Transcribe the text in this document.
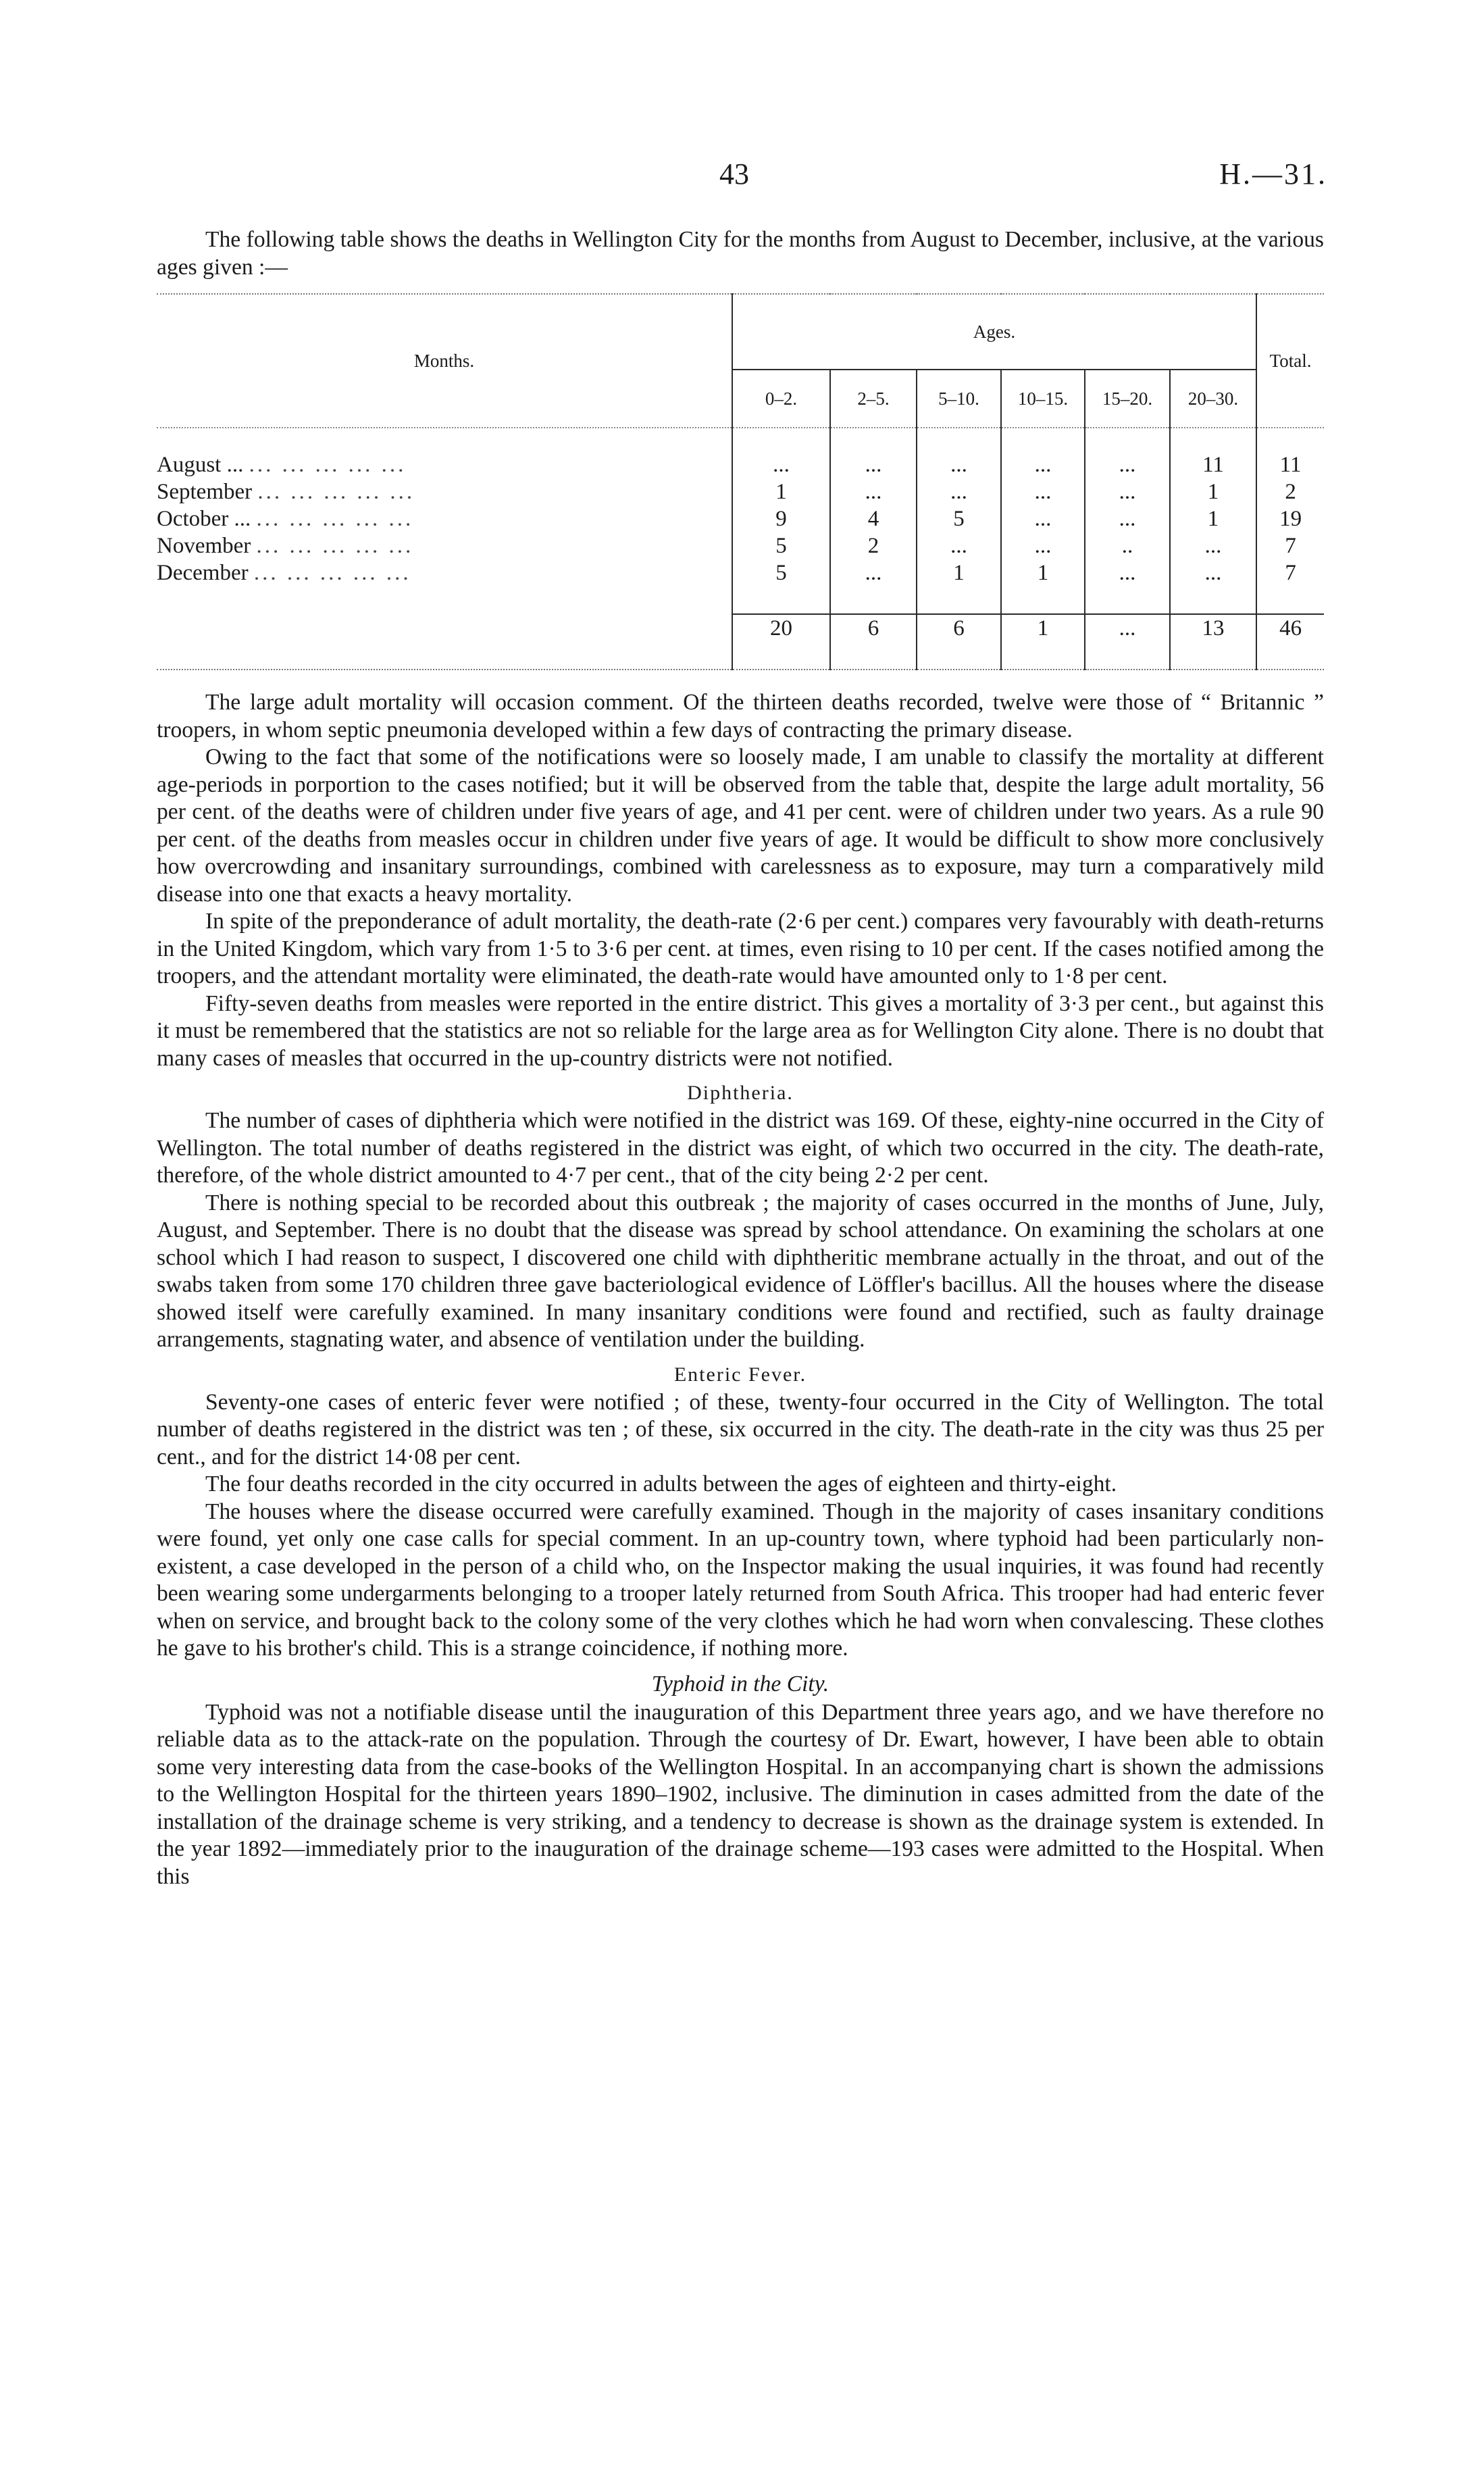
43	H.—31.

The following table shows the deaths in Wellington City for the months from August to December, inclusive, at the various ages given :—

Months.	Ages.						Total.
	0–2.	2–5.	5–10.	10–15.	15–20.	20–30.	

August ... ... ... ... ... ...	...	...	...	...	...	11	11
September ... ... ... ... ...	1	...	...	...	...	1	2
October ... ... ... ... ... ...	9	4	5	...	...	1	19
November ... ... ... ... ...	5	2	...	...	..	...	7
December ... ... ... ... ...	5	...	1	1	...	...	7

	20	6	6	1	...	13	46

The large adult mortality will occasion comment. Of the thirteen deaths recorded, twelve were those of “ Britannic ” troopers, in whom septic pneumonia developed within a few days of contracting the primary disease.

Owing to the fact that some of the notifications were so loosely made, I am unable to classify the mortality at different age-periods in porportion to the cases notified; but it will be observed from the table that, despite the large adult mortality, 56 per cent. of the deaths were of children under five years of age, and 41 per cent. were of children under two years. As a rule 90 per cent. of the deaths from measles occur in children under five years of age. It would be difficult to show more conclusively how overcrowding and insanitary surroundings, combined with carelessness as to exposure, may turn a comparatively mild disease into one that exacts a heavy mortality.

In spite of the preponderance of adult mortality, the death-rate (2·6 per cent.) compares very favourably with death-returns in the United Kingdom, which vary from 1·5 to 3·6 per cent. at times, even rising to 10 per cent. If the cases notified among the troopers, and the attendant mortality were eliminated, the death-rate would have amounted only to 1·8 per cent.

Fifty-seven deaths from measles were reported in the entire district. This gives a mortality of 3·3 per cent., but against this it must be remembered that the statistics are not so reliable for the large area as for Wellington City alone. There is no doubt that many cases of measles that occurred in the up-country districts were not notified.

Diphtheria.

The number of cases of diphtheria which were notified in the district was 169. Of these, eighty-nine occurred in the City of Wellington. The total number of deaths registered in the district was eight, of which two occurred in the city. The death-rate, therefore, of the whole district amounted to 4·7 per cent., that of the city being 2·2 per cent.

There is nothing special to be recorded about this outbreak ; the majority of cases occurred in the months of June, July, August, and September. There is no doubt that the disease was spread by school attendance. On examining the scholars at one school which I had reason to suspect, I discovered one child with diphtheritic membrane actually in the throat, and out of the swabs taken from some 170 children three gave bacteriological evidence of Löffler's bacillus. All the houses where the disease showed itself were carefully examined. In many insanitary conditions were found and rectified, such as faulty drainage arrangements, stagnating water, and absence of ventilation under the building.

Enteric Fever.

Seventy-one cases of enteric fever were notified ; of these, twenty-four occurred in the City of Wellington. The total number of deaths registered in the district was ten ; of these, six occurred in the city. The death-rate in the city was thus 25 per cent., and for the district 14·08 per cent.

The four deaths recorded in the city occurred in adults between the ages of eighteen and thirty-eight.

The houses where the disease occurred were carefully examined. Though in the majority of cases insanitary conditions were found, yet only one case calls for special comment. In an up-country town, where typhoid had been particularly non-existent, a case developed in the person of a child who, on the Inspector making the usual inquiries, it was found had recently been wearing some undergarments belonging to a trooper lately returned from South Africa. This trooper had had enteric fever when on service, and brought back to the colony some of the very clothes which he had worn when convalescing. These clothes he gave to his brother's child. This is a strange coincidence, if nothing more.

Typhoid in the City.

Typhoid was not a notifiable disease until the inauguration of this Department three years ago, and we have therefore no reliable data as to the attack-rate on the population. Through the courtesy of Dr. Ewart, however, I have been able to obtain some very interesting data from the case-books of the Wellington Hospital. In an accompanying chart is shown the admissions to the Wellington Hospital for the thirteen years 1890–1902, inclusive. The diminution in cases admitted from the date of the installation of the drainage scheme is very striking, and a tendency to decrease is shown as the drainage system is extended. In the year 1892—immediately prior to the inauguration of the drainage scheme—193 cases were admitted to the Hospital. When this
